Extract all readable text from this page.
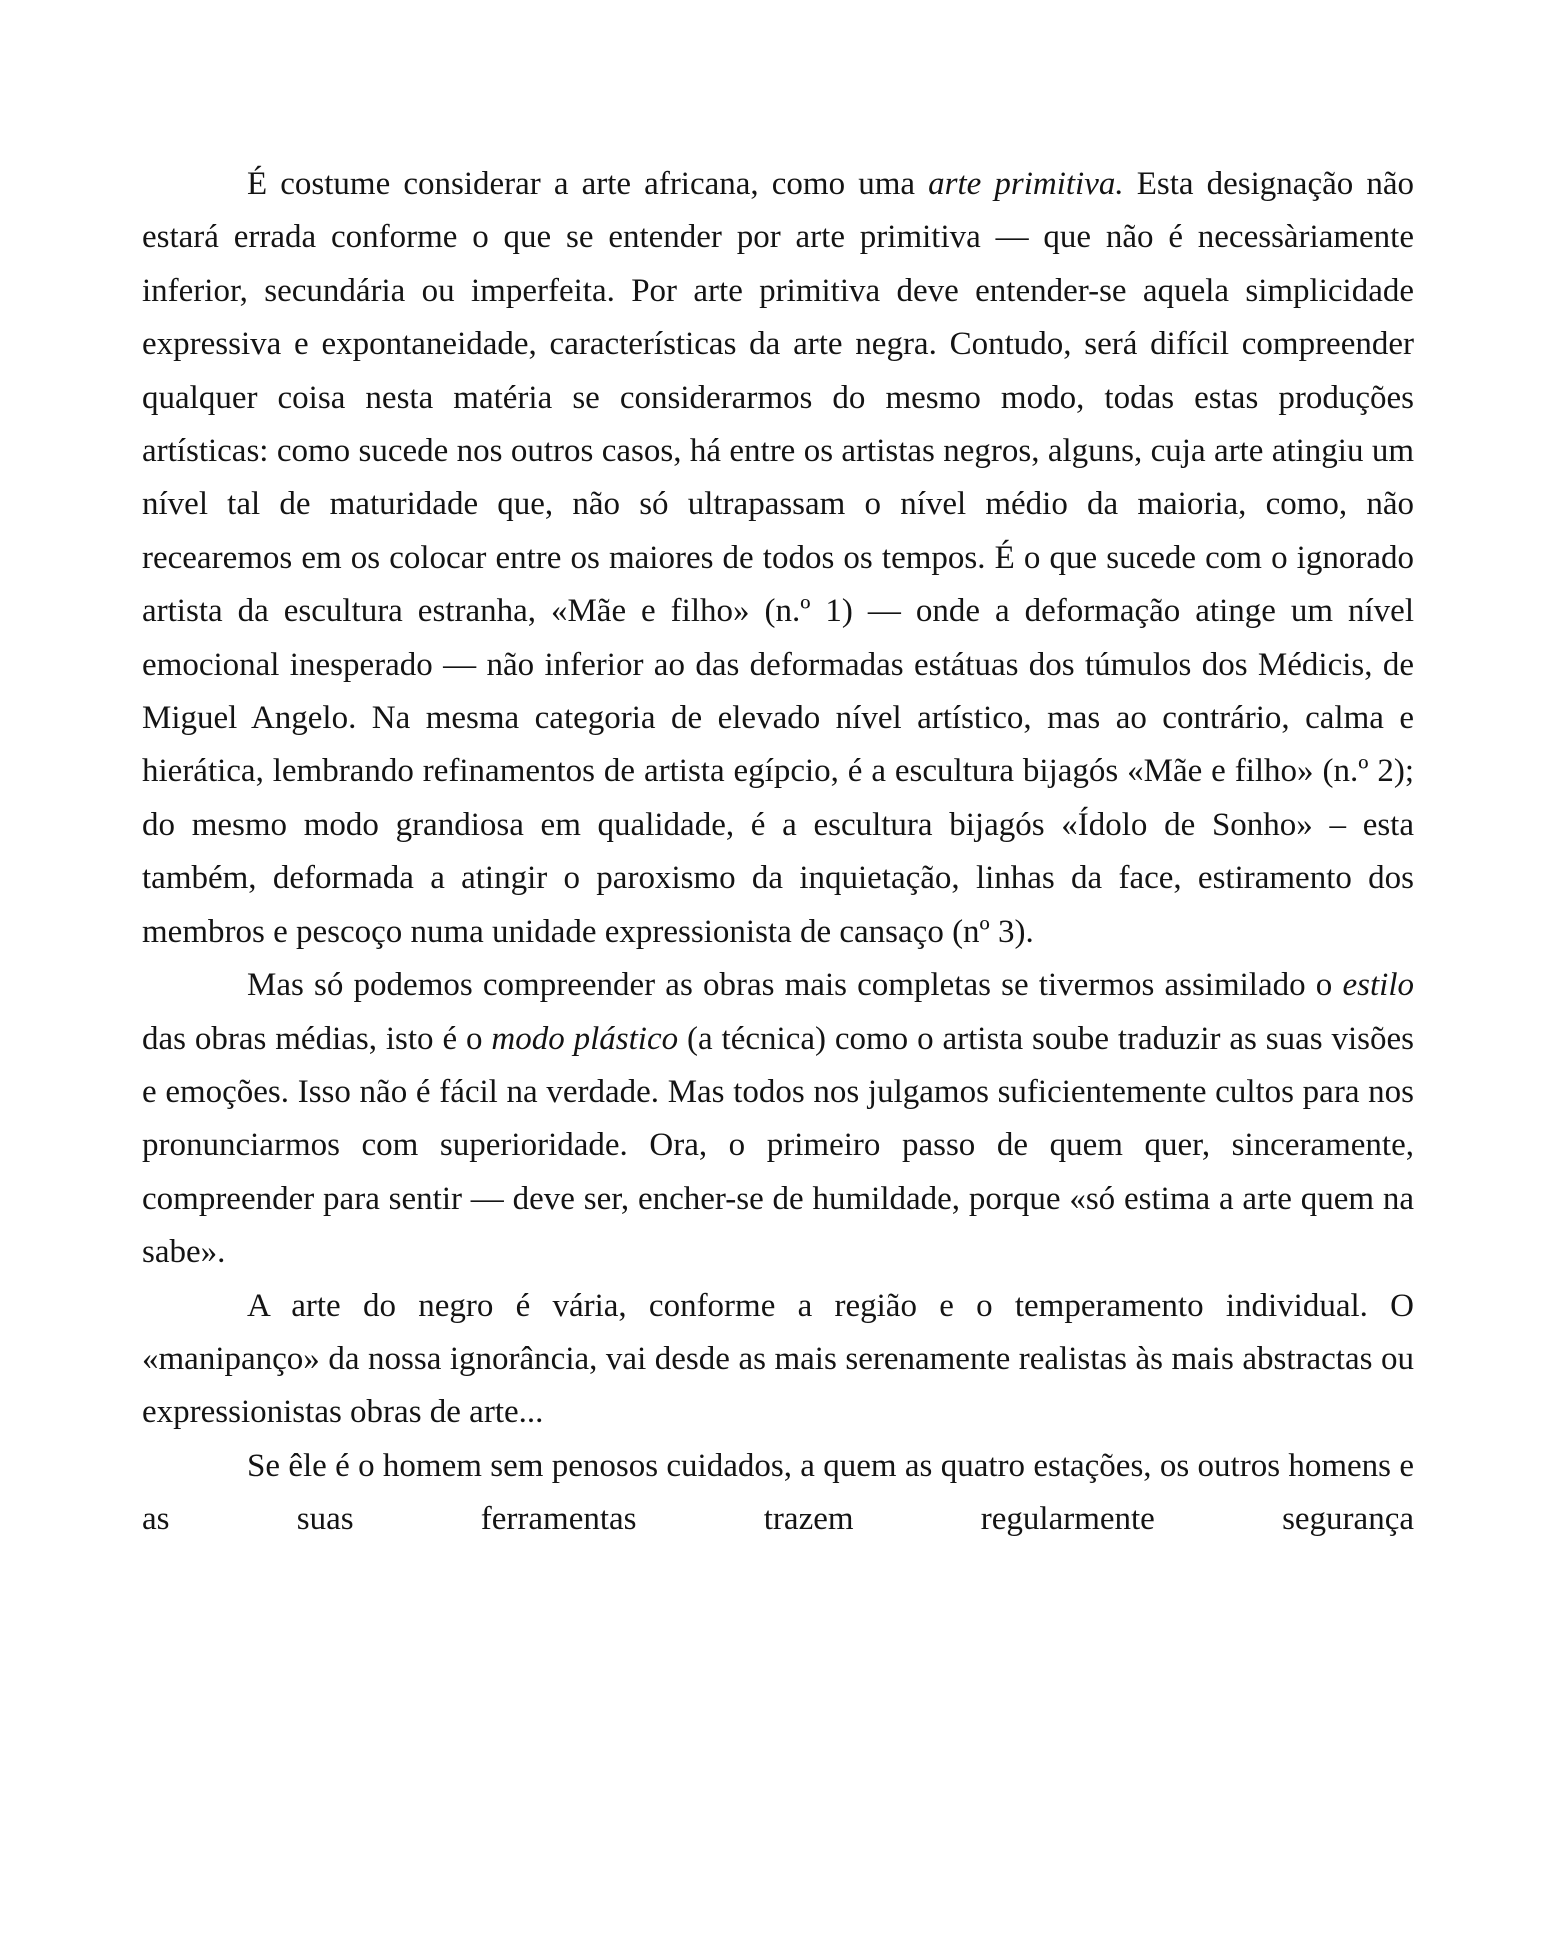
É costume considerar a arte africana, como uma arte primitiva. Esta designação não estará errada conforme o que se entender por arte primitiva — que não é necessàriamente inferior, secundária ou imperfeita. Por arte primitiva deve entender-se aquela simplicidade expressiva e expontaneidade, características da arte negra. Contudo, será difícil compreender qualquer coisa nesta matéria se considerarmos do mesmo modo, todas estas produções artísticas: como sucede nos outros casos, há entre os artistas negros, alguns, cuja arte atingiu um nível tal de maturidade que, não só ultrapassam o nível médio da maioria, como, não recearemos em os colocar entre os maiores de todos os tempos. É o que sucede com o ignorado artista da escultura estranha, «Mãe e filho» (n.º 1) — onde a deformação atinge um nível emocional inesperado — não inferior ao das deformadas estátuas dos túmulos dos Médicis, de Miguel Angelo. Na mesma categoria de elevado nível artístico, mas ao contrário, calma e hierática, lembrando refinamentos de artista egípcio, é a escultura bijagós «Mãe e filho» (n.º 2); do mesmo modo grandiosa em qualidade, é a escultura bijagós «Ídolo de Sonho» – esta também, deformada a atingir o paroxismo da inquietação, linhas da face, estiramento dos membros e pescoço numa unidade expressionista de cansaço (nº 3).

Mas só podemos compreender as obras mais completas se tivermos assimilado o estilo das obras médias, isto é o modo plástico (a técnica) como o artista soube traduzir as suas visões e emoções. Isso não é fácil na verdade. Mas todos nos julgamos suficientemente cultos para nos pronunciarmos com superioridade. Ora, o primeiro passo de quem quer, sinceramente, compreender para sentir — deve ser, encher-se de humildade, porque «só estima a arte quem na sabe».

A arte do negro é vária, conforme a região e o temperamento individual. O «manipanço» da nossa ignorância, vai desde as mais serenamente realistas às mais abstractas ou expressionistas obras de arte...

Se êle é o homem sem penosos cuidados, a quem as quatro estações, os outros homens e as suas ferramentas trazem regularmente segurança
